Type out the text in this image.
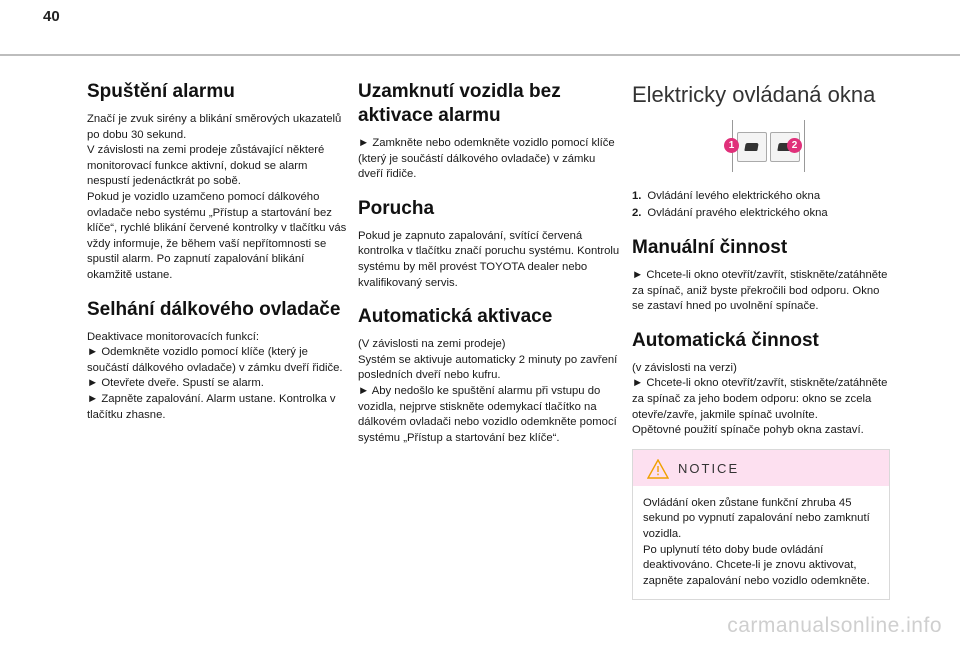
40
Spuštění alarmu

Značí je zvuk sirény a blikání směrových ukazatelů po dobu 30 sekund.

V závislosti na zemi prodeje zůstávající některé monitorovací funkce aktivní, dokud se alarm nespustí jedenáctkrát po sobě.

Pokud je vozidlo uzamčeno pomocí dálkového ovladače nebo systému „Přístup a startování bez klíče“, rychlé blikání červené kontrolky v tlačítku vás vždy informuje, že během vaší nepřítomnosti se spustil alarm. Po zapnutí zapalování blikání okamžitě ustane.

Selhání dálkového ovladače

Deaktivace monitorovacích funkcí:

► Odemkněte vozidlo pomocí klíče (který je součástí dálkového ovladače) v zámku dveří řidiče.

► Otevřete dveře. Spustí se alarm.

► Zapněte zapalování. Alarm ustane. Kontrolka v tlačítku zhasne.

Uzamknutí vozidla bez
aktivace alarmu

► Zamkněte nebo odemkněte vozidlo pomocí klíče (který je součástí dálkového ovladače) v zámku dveří řidiče.

Porucha

Pokud je zapnuto zapalování, svítící červená kontrolka v tlačítku značí poruchu systému. Kontrolu systému by měl provést TOYOTA dealer nebo kvalifikovaný servis.

Automatická aktivace

(V závislosti na zemi prodeje)

Systém se aktivuje automaticky 2 minuty po zavření posledních dveří nebo kufru.

► Aby nedošlo ke spuštění alarmu při vstupu do vozidla, nejprve stiskněte odemykací tlačítko na dálkovém ovladači nebo vozidlo odemkněte pomocí systému „Přístup a startování bez klíče“.

Elektricky ovládaná okna
1	2
1. Ovládání levého elektrického okna
2. Ovládání pravého elektrického okna
Manuální činnost

► Chcete-li okno otevřít/zavřít, stiskněte/zatáhněte za spínač, aniž byste překročili bod odporu. Okno se zastaví hned po uvolnění spínače.

Automatická činnost

(v závislosti na verzi)

► Chcete-li okno otevřít/zavřít, stiskněte/zatáhněte za spínač za jeho bodem odporu: okno se zcela otevře/zavře, jakmile spínač uvolníte.

Opětovné použití spínače pohyb okna zastaví.

NOTICE

Ovládání oken zůstane funkční zhruba 45 sekund po vypnutí zapalování nebo zamknutí vozidla.

Po uplynutí této doby bude ovládání deaktivováno. Chcete-li je znovu aktivovat, zapněte zapalování nebo vozidlo odemkněte.

carmanualsonline.info
